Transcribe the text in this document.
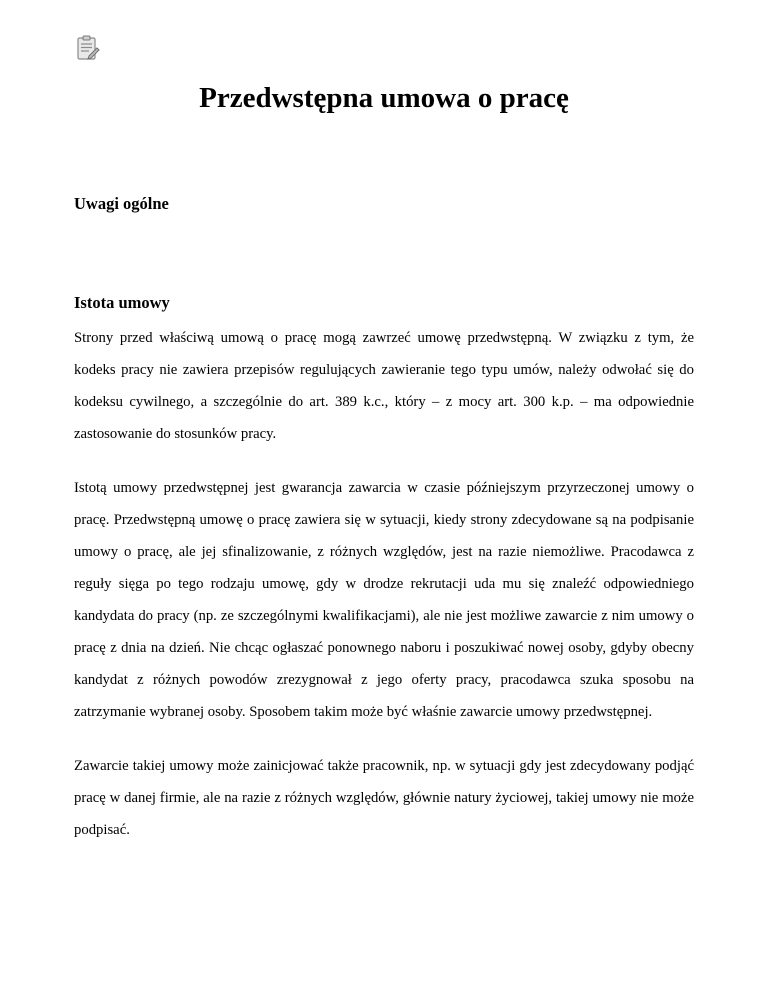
Przedwstępna umowa o pracę
Uwagi ogólne
Istota umowy

Strony przed właściwą umową o pracę mogą zawrzeć umowę przedwstępną. W związku z tym, że kodeks pracy nie zawiera przepisów regulujących zawieranie tego typu umów, należy odwołać się do kodeksu cywilnego, a szczególnie do art. 389 k.c., który – z mocy art. 300 k.p. – ma odpowiednie zastosowanie do stosunków pracy.

Istotą umowy przedwstępnej jest gwarancja zawarcia w czasie późniejszym przyrzeczonej umowy o pracę. Przedwstępną umowę o pracę zawiera się w sytuacji, kiedy strony zdecydowane są na podpisanie umowy o pracę, ale jej sfinalizowanie, z różnych względów, jest na razie niemożliwe. Pracodawca z reguły sięga po tego rodzaju umowę, gdy w drodze rekrutacji uda mu się znaleźć odpowiedniego kandydata do pracy (np. ze szczególnymi kwalifikacjami), ale nie jest możliwe zawarcie z nim umowy o pracę z dnia na dzień. Nie chcąc ogłaszać ponownego naboru i poszukiwać nowej osoby, gdyby obecny kandydat z różnych powodów zrezygnował z jego oferty pracy, pracodawca szuka sposobu na zatrzymanie wybranej osoby. Sposobem takim może być właśnie zawarcie umowy przedwstępnej.

Zawarcie takiej umowy może zainicjować także pracownik, np. w sytuacji gdy jest zdecydowany podjąć pracę w danej firmie, ale na razie z różnych względów, głównie natury życiowej, takiej umowy nie może podpisać.
